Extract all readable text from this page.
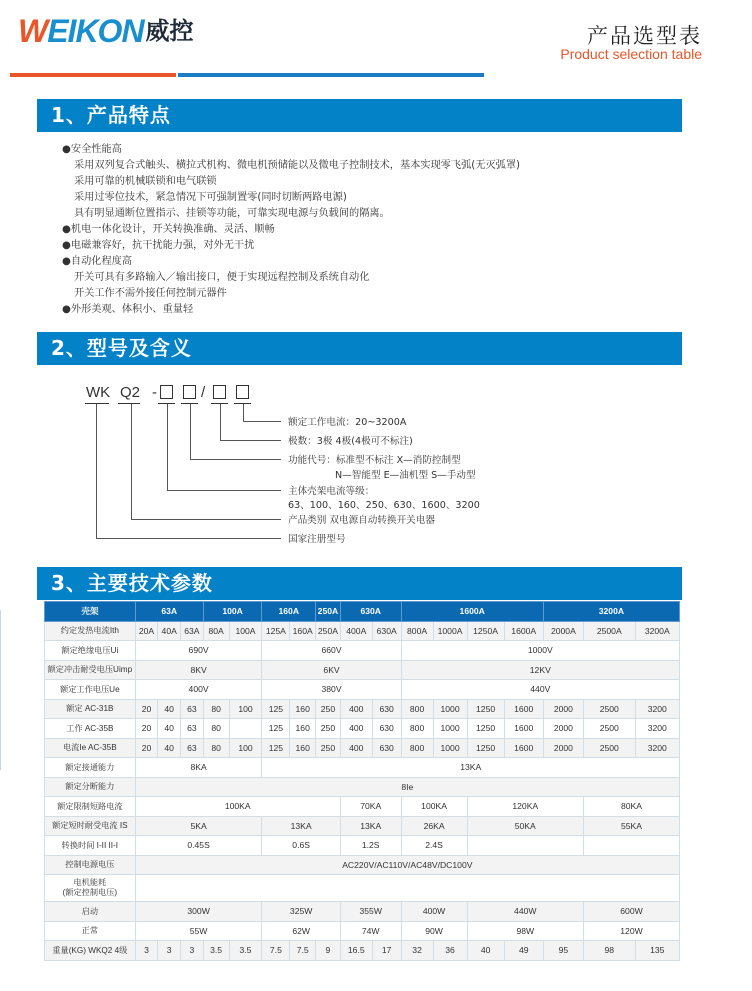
WEIKON 威控	产品选型表
Product selection table
1、产品特点
●安全性能高
采用双列复合式触头、横拉式机构、微电机预储能以及微电子控制技术，基本实现零飞弧(无灭弧罩)
采用可靠的机械联锁和电气联锁
采用过零位技术，紧急情况下可强制置零(同时切断两路电源)
具有明显通断位置指示、挂锁等功能，可靠实现电源与负载间的隔离。
●机电一体化设计，开关转换准确、灵活、顺畅
●电磁兼容好，抗干扰能力强，对外无干扰
●自动化程度高
开关可具有多路输入／输出接口，便于实现远程控制及系统自动化
开关工作不需外接任何控制元器件
●外形美观、体积小、重量轻
2、型号及含义
WK Q2 -	/
额定工作电流：20~3200A
极数：3极 4极(4极可不标注)
功能代号：标准型不标注 X—消防控制型
N—智能型 E—油机型 S—手动型
主体壳架电流等级：
63、100、160、250、630、1600、3200
产品类别 双电源自动转换开关电器
国家注册型号
3、主要技术参数
壳架	63A			100A		160A		250A	630A		1600A				3200A		
约定发热电流Ith	20A	40A	63A	80A	100A	125A	160A	250A	400A	630A	800A	1000A	1250A	1600A	2000A	2500A	3200A
额定绝缘电压Ui	690V					660V					1000V						
额定冲击耐受电压Uimp	8KV					6KV					12KV						
额定工作电压Ue	400V					380V					440V						
额定 AC-31B	20	40	63	80	100	125	160	250	400	630	800	1000	1250	1600	2000	2500	3200
工作 AC-35B	20	40	63	80		125	160	250	400	630	800	1000	1250	1600	2000	2500	3200
电流Ie AC-35B	20	40	63	80	100	125	160	250	400	630	800	1000	1250	1600	2000	2500	3200
额定接通能力	8KA					13KA											
额定分断能力	8Ie																
额定限制短路电流	100KA								70KA		100KA		120KA			80KA	
额定短时耐受电流 IS	5KA					13KA			13KA		26KA		50KA			55KA	
转换时间 I-II II-I	0.45S					0.6S			1.2S		2.4S						
控制电源电压	AC220V/AC110V/AC48V/DC100V																

电机能耗
(额定控制电压)																	

启动	300W					325W			355W		400W		440W			600W	
正常	55W					62W			74W		90W		98W			120W	
重量(KG) WKQ2 4级	3	3	3	3.5	3.5	7.5	7.5	9	16.5	17	32	36	40	49	95	98	135
